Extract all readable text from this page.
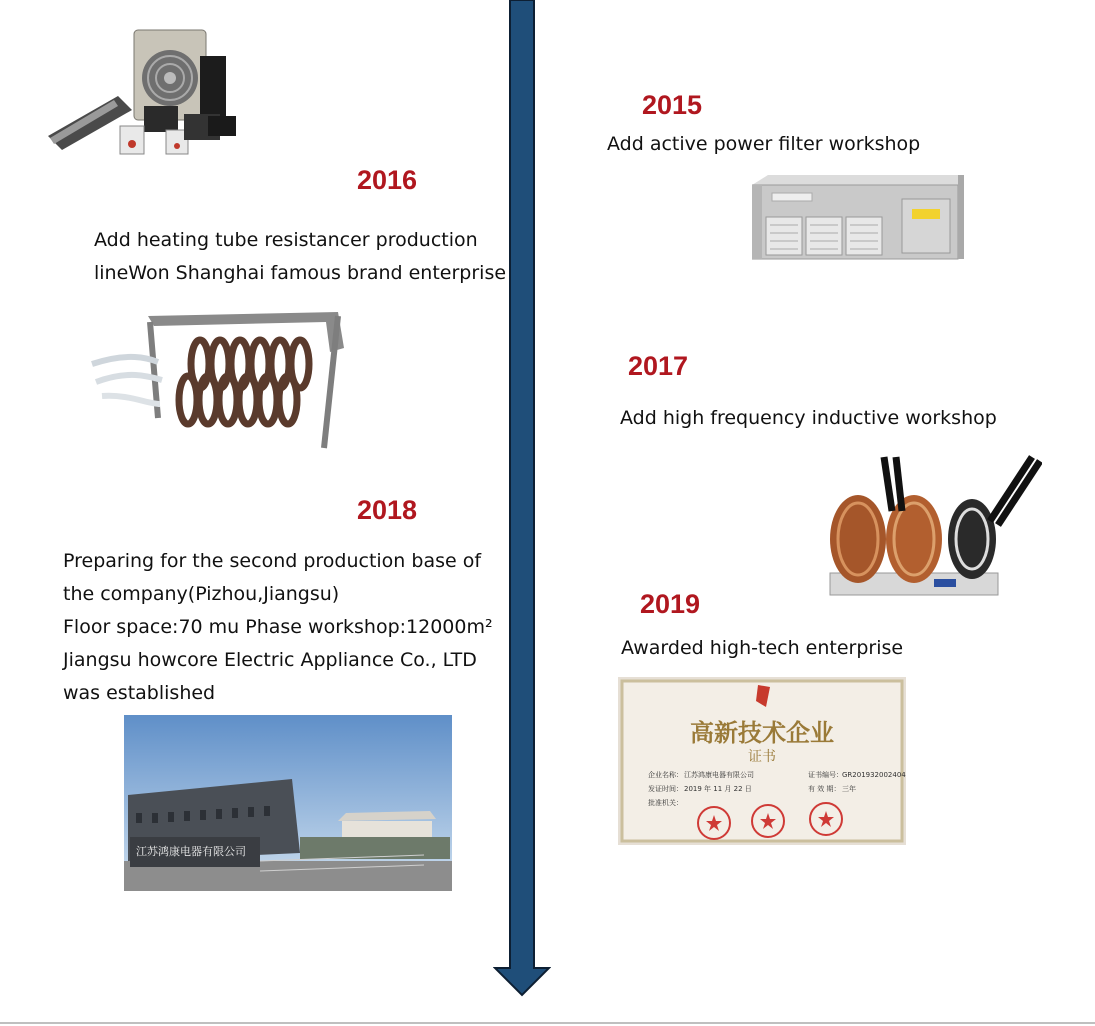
2015
Add active power filter workshop
2016
Add heating tube resistancer production
lineWon Shanghai famous brand enterprise
2017
Add high frequency inductive workshop
2018
Preparing for the second production base of
the company(Pizhou,Jiangsu)
Floor space:70 mu Phase workshop:12000m²
Jiangsu howcore Electric Appliance Co., LTD
was established
江苏鸿康电器有限公司
2019
Awarded high-tech enterprise
高新技术企业
证书
企业名称： 江苏鸿康电器有限公司	证书编号： GR201932002404
发证时间： 2019 年 11 月 22 日	有 效 期： 三年
批准机关：
